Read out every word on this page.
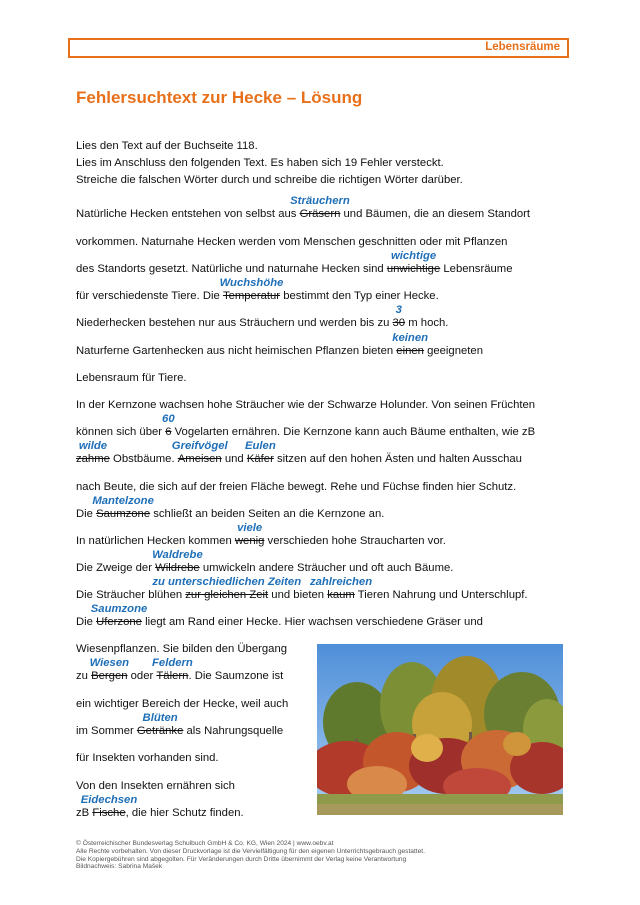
Lebensräume
Fehlersuchtext zur Hecke – Lösung

Lies den Text auf der Buchseite 118.

Lies im Anschluss den folgenden Text. Es haben sich 19 Fehler versteckt.

Streiche die falschen Wörter durch und schreibe die richtigen Wörter darüber.

Natürliche Hecken entstehen von selbst aus Gräsern
Sträuchern
und Bäumen, die an diesem Standort

vorkommen. Naturnahe Hecken werden vom Menschen geschnitten oder mit Pflanzen

des Standorts gesetzt. Natürliche und naturnahe Hecken sind unwichtige
wichtige
Lebensräume

für verschiedenste Tiere. Die Temperatur
Wuchshöhe
bestimmt den Typ einer Hecke.

Niederhecken bestehen nur aus Sträuchern und werden bis zu 30
3
m hoch.

Naturferne Gartenhecken aus nicht heimischen Pflanzen bieten einen
keinen
geeigneten

Lebensraum für Tiere.

In der Kernzone wachsen hohe Sträucher wie der Schwarze Holunder. Von seinen Früchten

können sich über 6
60
Vogelarten ernähren. Die Kernzone kann auch Bäume enthalten, wie zB

zahme
wilde
Obstbäume. Ameisen
Greifvögel
und Käfer
Eulen
sitzen auf den hohen Ästen und halten Ausschau

nach Beute, die sich auf der freien Fläche bewegt. Rehe und Füchse finden hier Schutz.

Die Saumzone
Mantelzone
schließt an beiden Seiten an die Kernzone an.

In natürlichen Hecken kommen wenig
viele
verschieden hohe Straucharten vor.

Die Zweige der Wildrebe
Waldrebe
umwickeln andere Sträucher und oft auch Bäume.

Die Sträucher blühen zur gleichen Zeit
zu unterschiedlichen Zeiten
und bieten kaum
zahlreichen
Tieren Nahrung und Unterschlupf.

Die Uferzone
Saumzone
liegt am Rand einer Hecke. Hier wachsen verschiedene Gräser und

Wiesenpflanzen. Sie bilden den Übergang

zu Bergen
Wiesen
oder Tälern
Feldern
. Die Saumzone ist

ein wichtiger Bereich der Hecke, weil auch

im Sommer Getränke
Blüten
als Nahrungsquelle

für Insekten vorhanden sind.

Von den Insekten ernähren sich

zB Fische
Eidechsen
, die hier Schutz finden.

© Österreichischer Bundesverlag Schulbuch GmbH & Co. KG, Wien 2024 | www.oebv.at
Alle Rechte vorbehalten. Von dieser Druckvorlage ist die Vervielfältigung für den eigenen Unterrichtsgebrauch gestattet.
Die Kopiergebühren sind abgegolten. Für Veränderungen durch Dritte übernimmt der Verlag keine Verantwortung
Bildnachweis: Sabrina Mašek
